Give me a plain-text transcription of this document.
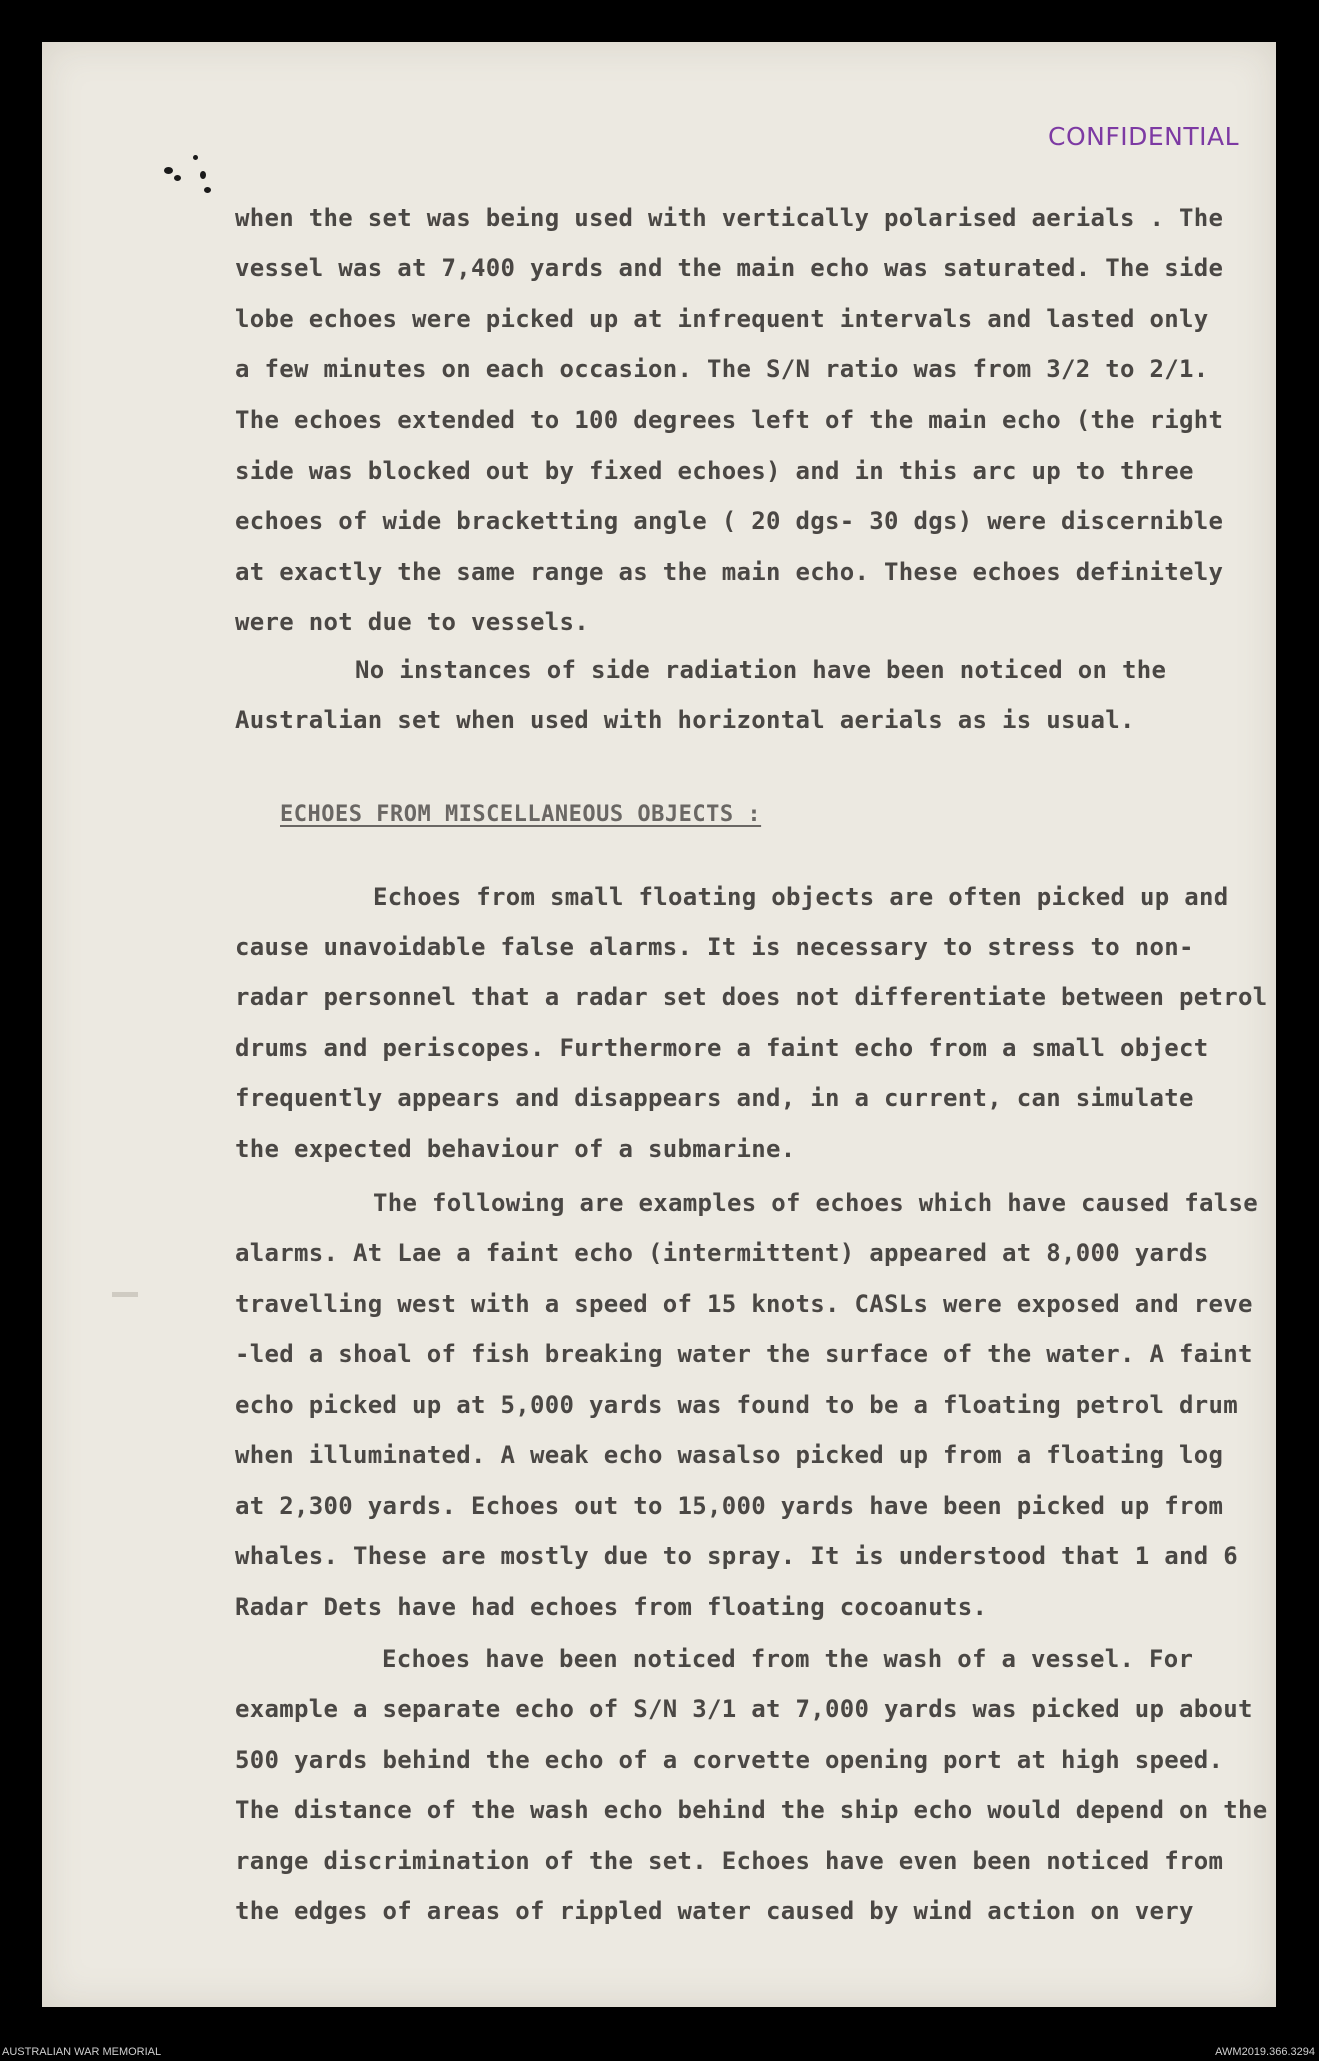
CONFIDENTIAL
when the set was being used with vertically polarised aerials . The
vessel was at 7,400 yards and the main echo was saturated. The side
lobe echoes were picked up at infrequent intervals and lasted only
a few minutes on each occasion. The S/N ratio was from 3/2 to 2/1.
The echoes extended to 100 degrees left of the main echo (the right
side was blocked out by fixed echoes) and in this arc up to three
echoes of wide bracketting angle ( 20 dgs- 30 dgs) were discernible
at exactly the same range as the main echo. These echoes definitely
were not due to vessels.
No instances of side radiation have been noticed on the
Australian set when used with horizontal aerials as is usual.
Echoes from small floating objects are often picked up and
cause unavoidable false alarms. It is necessary to stress to non-
radar personnel that a radar set does not differentiate between petrol
drums and periscopes. Furthermore a faint echo from a small object
frequently appears and disappears and, in a current, can simulate
the expected behaviour of a submarine.
The following are examples of echoes which have caused false
alarms. At Lae a faint echo (intermittent) appeared at 8,000 yards
travelling west with a speed of 15 knots. CASLs were exposed and reve
-led a shoal of fish breaking water the surface of the water. A faint
echo picked up at 5,000 yards was found to be a floating petrol drum
when illuminated. A weak echo wasalso picked up from a floating log
at 2,300 yards. Echoes out to 15,000 yards have been picked up from
whales. These are mostly due to spray. It is understood that 1 and 6
Radar Dets have had echoes from floating cocoanuts.
Echoes have been noticed from the wash of a vessel. For
example a separate echo of S/N 3/1 at 7,000 yards was picked up about
500 yards behind the echo of a corvette opening port at high speed.
The distance of the wash echo behind the ship echo would depend on the
range discrimination of the set. Echoes have even been noticed from
the edges of areas of rippled water caused by wind action on very
ECHOES FROM MISCELLANEOUS OBJECTS :
AUSTRALIAN WAR MEMORIAL	AWM2019.366.3294
